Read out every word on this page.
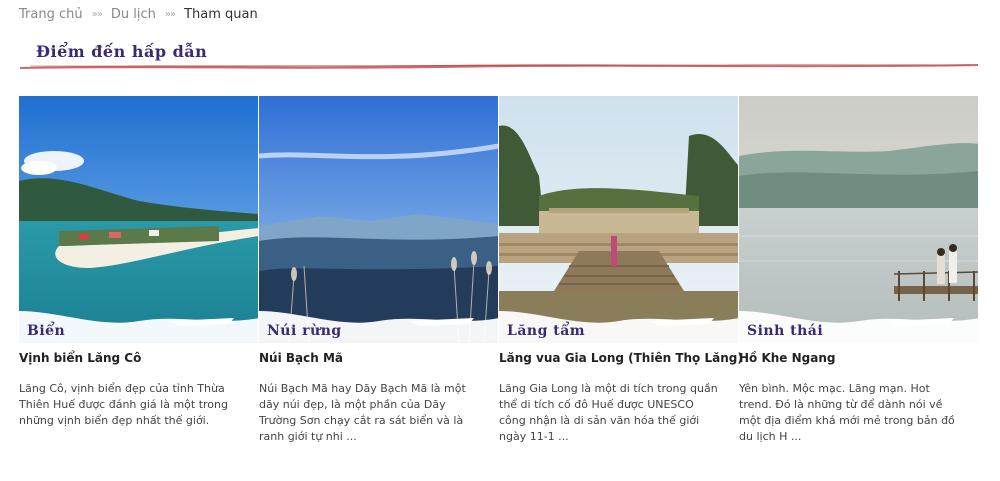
Trang chủ »» Du lịch »» Tham quan
Điểm đến hấp dẫn
Biển
Vịnh biển Lăng Cô
Lăng Cô, vịnh biển đẹp của tỉnh Thừa Thiên Huế được đánh giá là một trong những vịnh biển đẹp nhất thế giới.
Núi rừng
Núi Bạch Mã
Núi Bạch Mã hay Dãy Bạch Mã là một dãy núi đẹp, là một phần của Dãy Trường Sơn chạy cắt ra sát biển và là ranh giới tự nhi ...
Lăng tẩm
Lăng vua Gia Long (Thiên Thọ Lăng)
Lăng Gia Long là một di tích trong quần thể di tích cố đô Huế được UNESCO công nhận là di sản văn hóa thế giới ngày 11-1 ...
Sinh thái
Hồ Khe Ngang
Yên bình. Mộc mạc. Lãng mạn. Hot trend. Đó là những từ để dành nói về một địa điểm khá mới mẻ trong bản đồ du lịch H ...
